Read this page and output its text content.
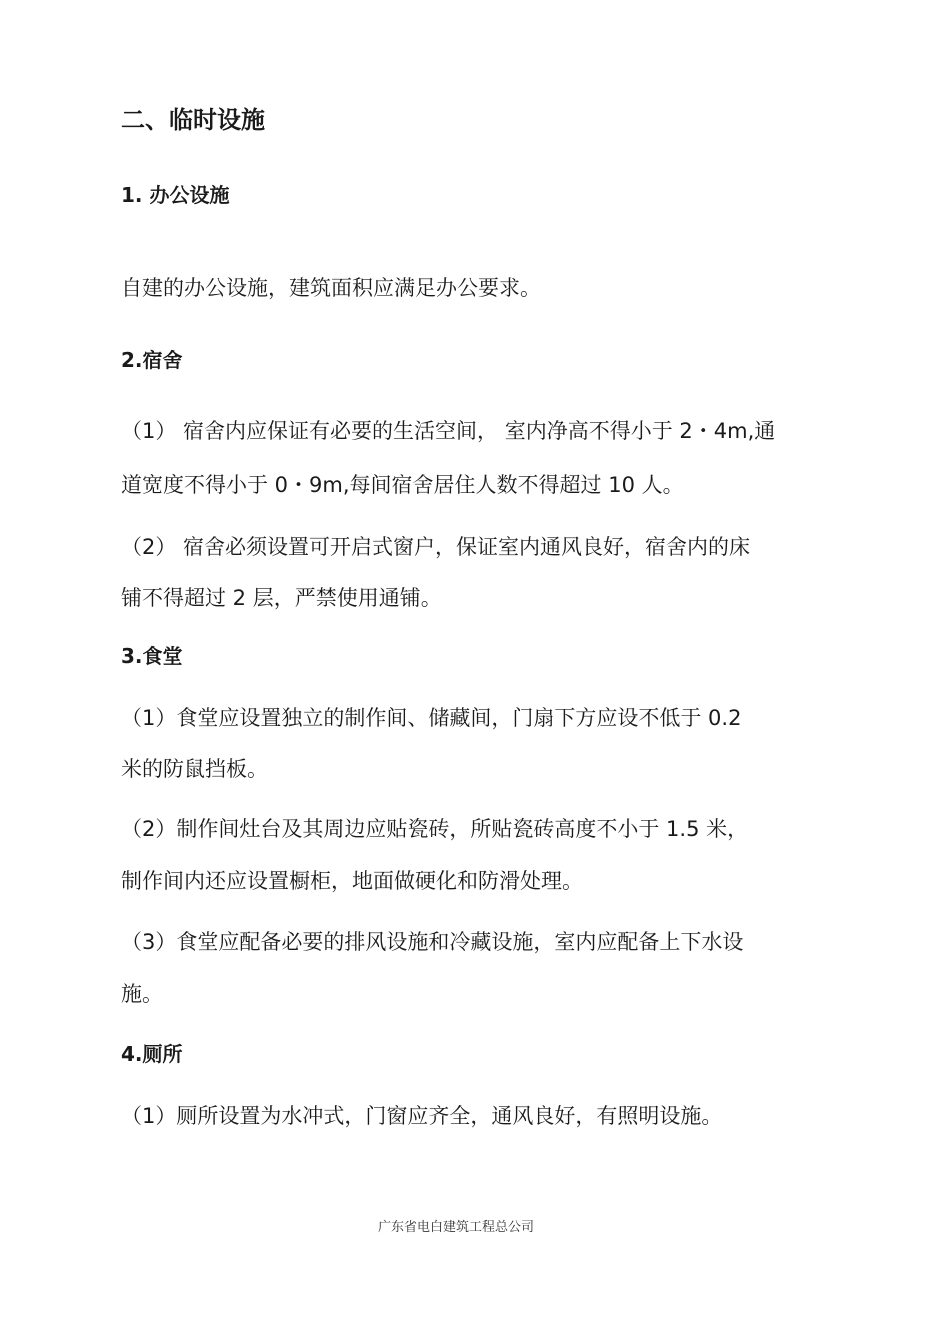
二、临时设施
1. 办公设施
自建的办公设施，建筑面积应满足办公要求。
2.宿舍
（1） 宿舍内应保证有必要的生活空间， 室内净高不得小于 2・4m,通
道宽度不得小于 0・9m,每间宿舍居住人数不得超过 10 人。
（2） 宿舍必须设置可开启式窗户，保证室内通风良好，宿舍内的床
铺不得超过 2 层，严禁使用通铺。
3.食堂
（1）食堂应设置独立的制作间、储藏间，门扇下方应设不低于 0.2
米的防鼠挡板。
（2）制作间灶台及其周边应贴瓷砖，所贴瓷砖高度不小于 1.5 米，
制作间内还应设置橱柜，地面做硬化和防滑处理。
（3）食堂应配备必要的排风设施和冷藏设施，室内应配备上下水设
施。
4.厕所
（1）厕所设置为水冲式，门窗应齐全，通风良好，有照明设施。
广东省电白建筑工程总公司
